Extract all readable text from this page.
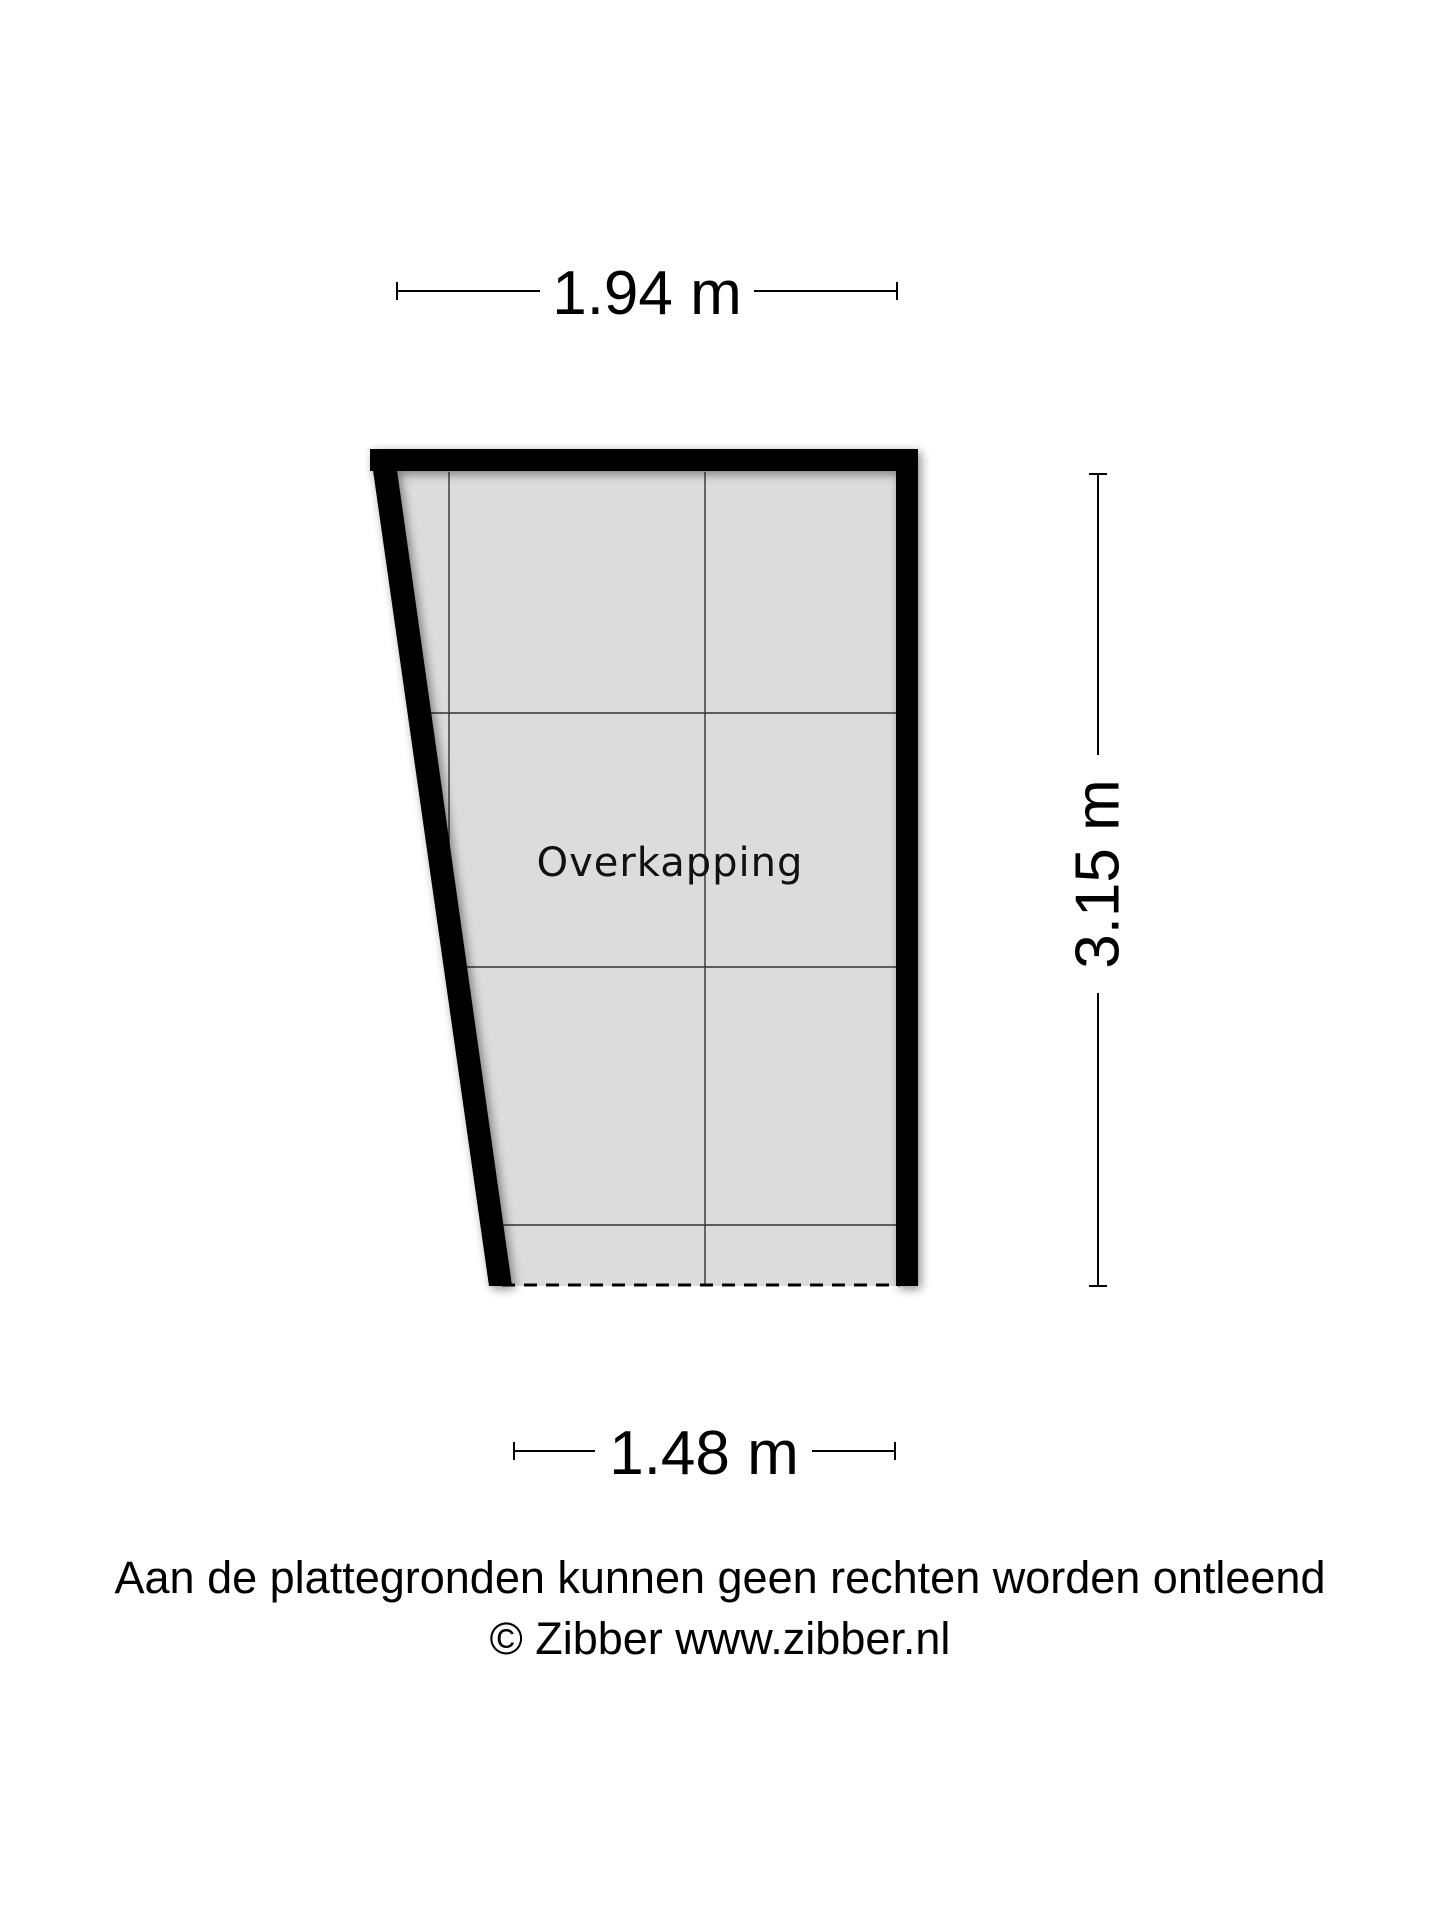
1.94 m
3.15 m
Overkapping
1.48 m
Aan de plattegronden kunnen geen rechten worden ontleend
© Zibber www.zibber.nl
